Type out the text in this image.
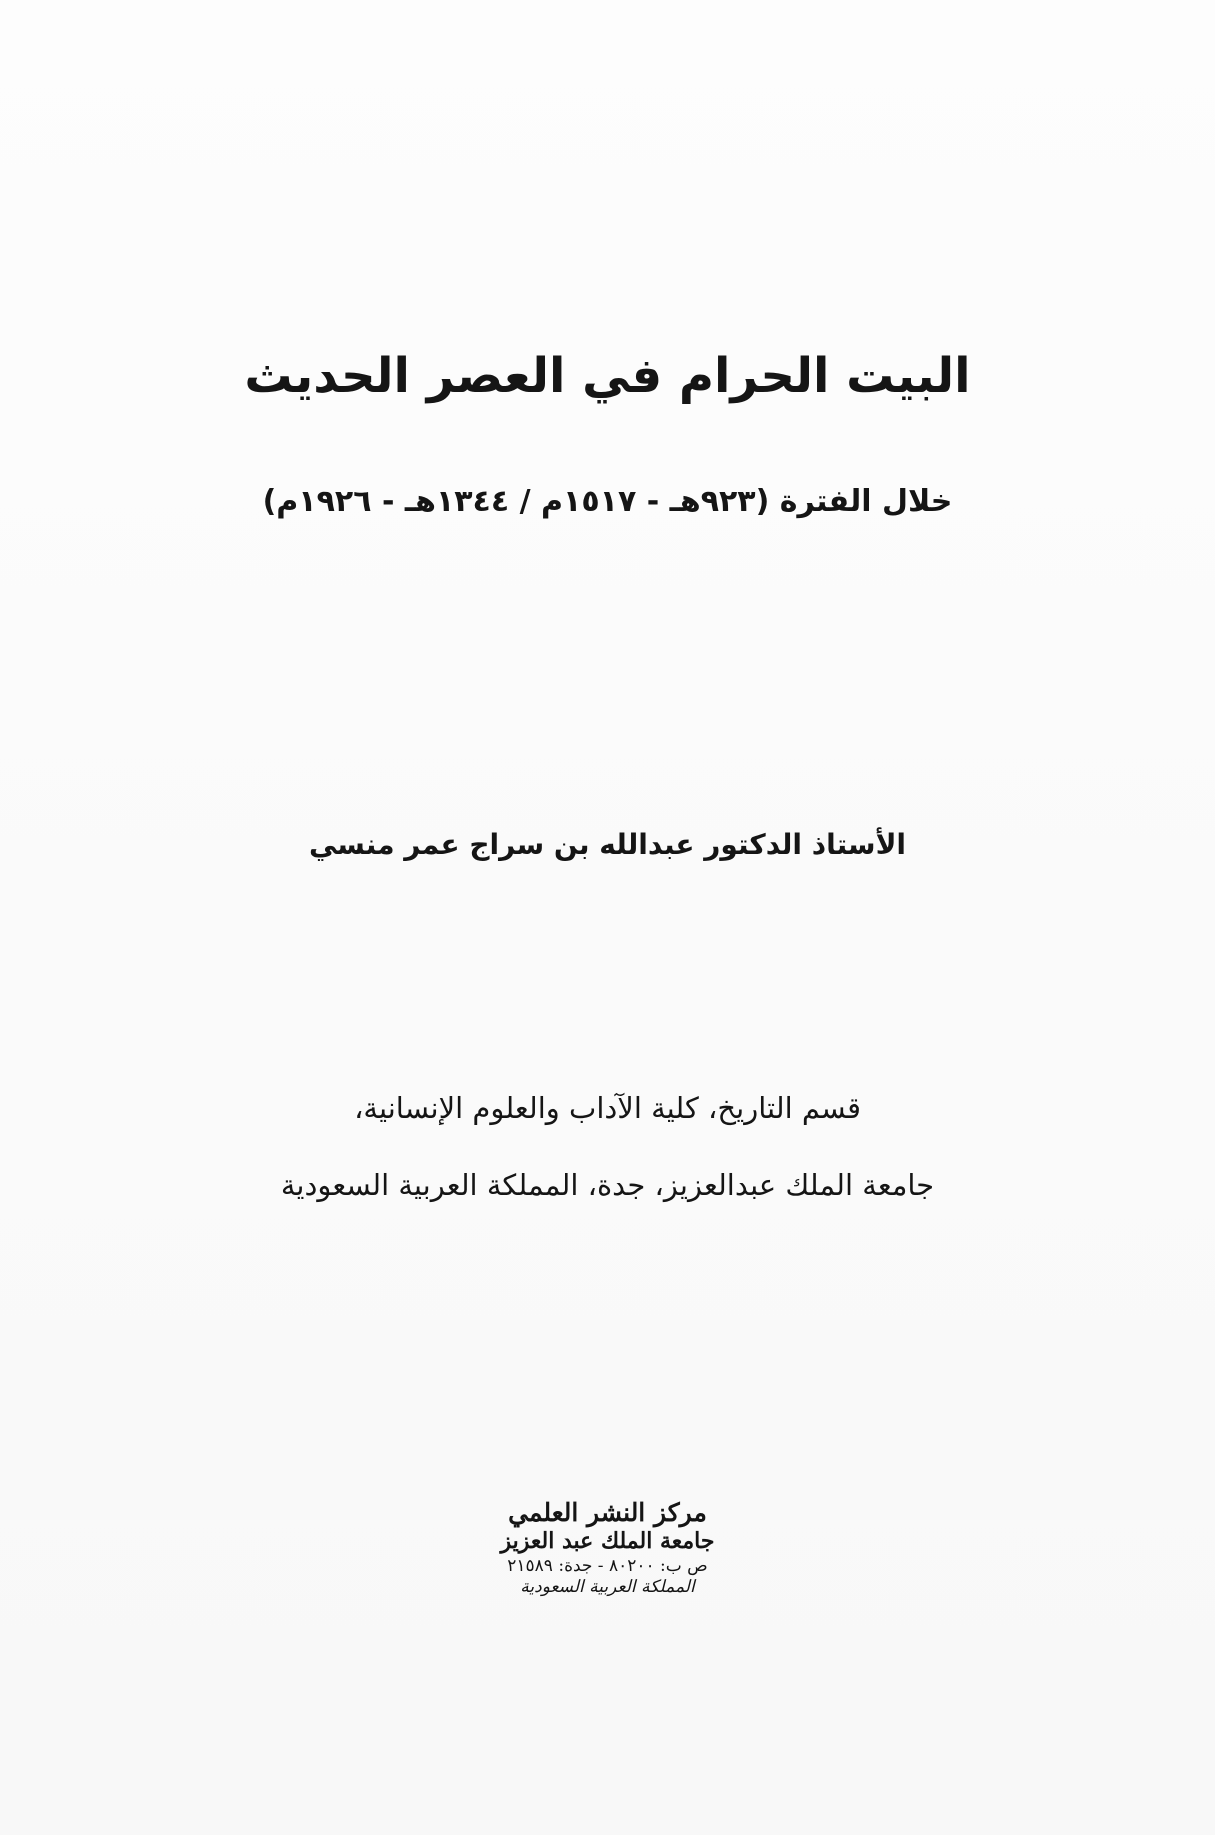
البيت الحرام في العصر الحديث
خلال الفترة (٩٢٣هـ - ١٥١٧م / ١٣٤٤هـ - ١٩٢٦م)
الأستاذ الدكتور عبدالله بن سراج عمر منسي
قسم التاريخ، كلية الآداب والعلوم الإنسانية،
جامعة الملك عبدالعزيز، جدة، المملكة العربية السعودية
مركز النشر العلمي
جامعة الملك عبد العزيز
ص ب: ٨٠٢٠٠ - جدة: ٢١٥٨٩
المملكة العربية السعودية
